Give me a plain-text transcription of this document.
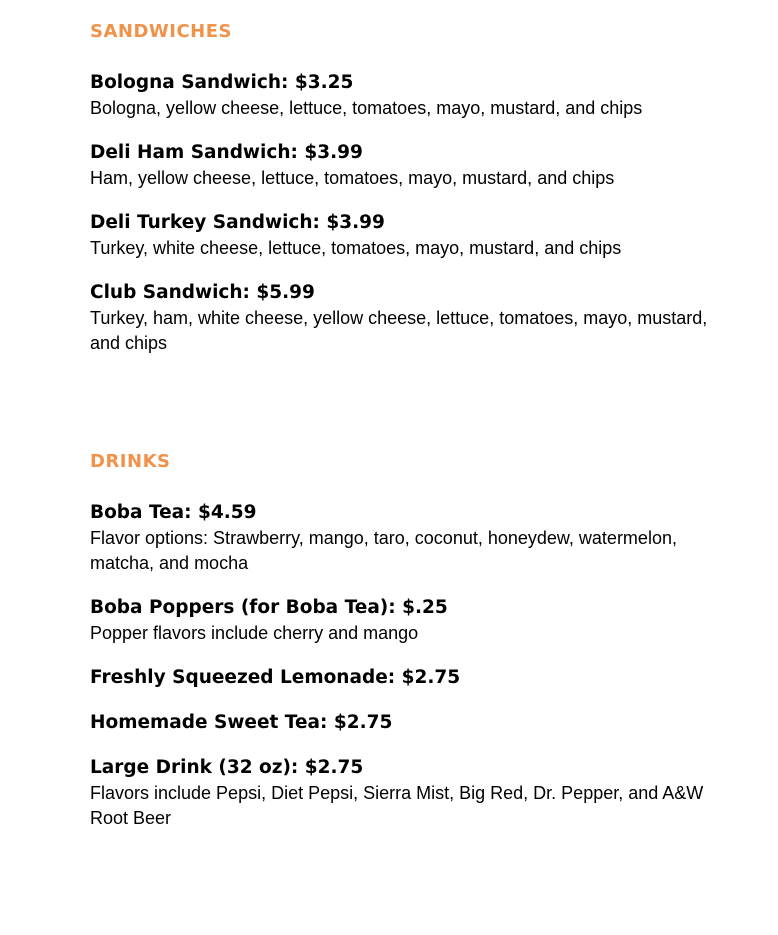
SANDWICHES

Bologna Sandwich: $3.25

Bologna, yellow cheese, lettuce, tomatoes, mayo, mustard, and chips

Deli Ham Sandwich: $3.99

Ham, yellow cheese, lettuce, tomatoes, mayo, mustard, and chips

Deli Turkey Sandwich: $3.99

Turkey, white cheese, lettuce, tomatoes, mayo, mustard, and chips

Club Sandwich: $5.99

Turkey, ham, white cheese, yellow cheese, lettuce, tomatoes, mayo, mustard, and chips

DRINKS

Boba Tea: $4.59

Flavor options: Strawberry, mango, taro, coconut, honeydew, watermelon, matcha, and mocha

Boba Poppers (for Boba Tea): $.25

Popper flavors include cherry and mango

Freshly Squeezed Lemonade: $2.75

Homemade Sweet Tea: $2.75

Large Drink (32 oz): $2.75

Flavors include Pepsi, Diet Pepsi, Sierra Mist, Big Red, Dr. Pepper, and A&W Root Beer
